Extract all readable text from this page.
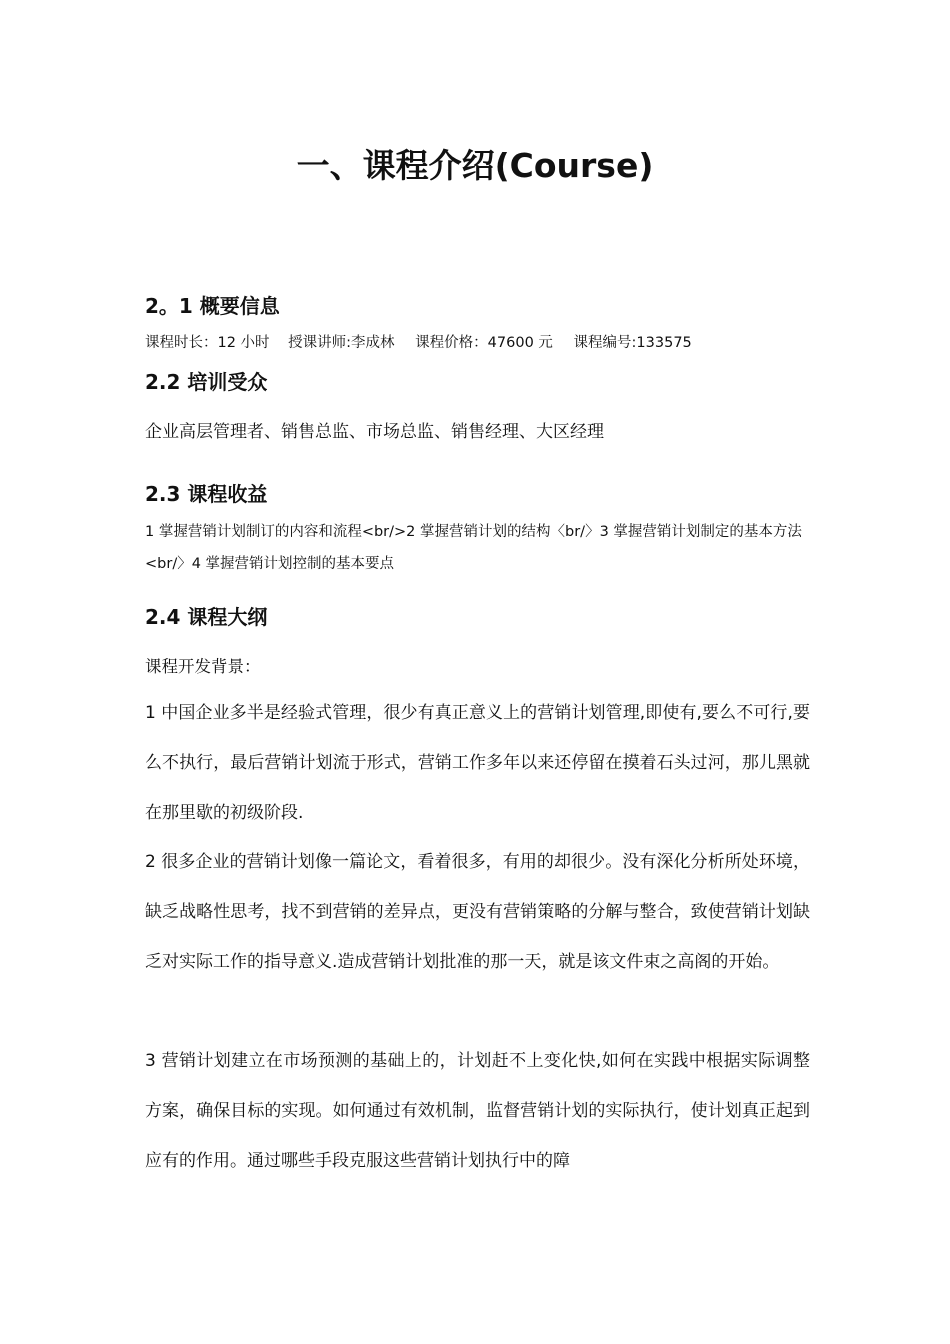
一、课程介绍(Course)
2。1 概要信息
课程时长：12 小时 授课讲师:李成林 课程价格：47600 元 课程编号:133575
2.2 培训受众
企业高层管理者、销售总监、市场总监、销售经理、大区经理
2.3 课程收益

1 掌握营销计划制订的内容和流程<br/>2 掌握营销计划的结构〈br/〉3 掌握营销计划制定的基本方法<br/〉4 掌握营销计划控制的基本要点

2.4 课程大纲
课程开发背景：

1 中国企业多半是经验式管理，很少有真正意义上的营销计划管理,即使有,要么不可行,要么不执行，最后营销计划流于形式，营销工作多年以来还停留在摸着石头过河，那儿黑就在那里歇的初级阶段.

2 很多企业的营销计划像一篇论文，看着很多，有用的却很少。没有深化分析所处环境，缺乏战略性思考，找不到营销的差异点，更没有营销策略的分解与整合，致使营销计划缺乏对实际工作的指导意义.造成营销计划批准的那一天，就是该文件束之高阁的开始。

3 营销计划建立在市场预测的基础上的，计划赶不上变化快,如何在实践中根据实际调整方案，确保目标的实现。如何通过有效机制，监督营销计划的实际执行，使计划真正起到应有的作用。通过哪些手段克服这些营销计划执行中的障
